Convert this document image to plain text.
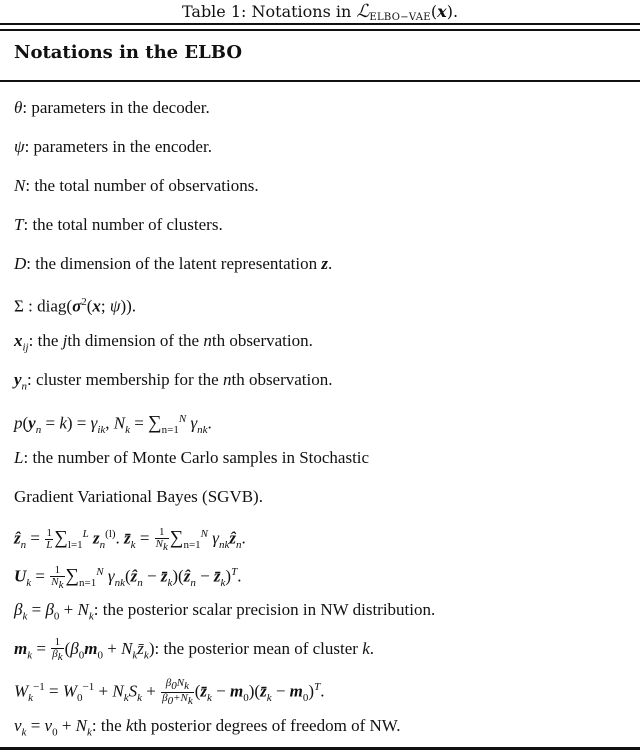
Table 1: Notations in ℒ$_{ELBO-VAE}$(x).
Notations in the ELBO
θ: parameters in the decoder.
ψ: parameters in the encoder.
N: the total number of observations.
T: the total number of clusters.
D: the dimension of the latent representation z.
Σ : $diag(\sigma^2(x$; ψ)).
$x_{ij}$: the jth dimension of the nth observation.
$y_n$: cluster membership for the nth observation.
$p(y_n = k) = \gamma_{ik}$, $N_k = \sum_{n=1}^N$ $\gamma_{nk}$.
L: the number of Monte Carlo samples in Stochastic
Gradient Variational Bayes (SGVB).
ẑ$_n$ = $\frac{1}{L} \sum_{l=1}^L$ $z_n^{(l)}$. $z̄_k = \frac{1}{N_k} \sum_{n=1}^N$ $\gamma_{nk}ẑ_n$.
$U_k = \frac{1}{N_k} \sum_{n=1}^N$ $\gamma_{nk}(ẑ_n$ − $z̄_k)(ẑ_n$ − $z̄_k)^T$.
$\beta_k = \beta_0 + N_k$: the posterior scalar precision in NW distribution.
$m_k = \frac{1}{\beta_k} (\beta_0m_0$ + $N_kz̄_k$): the posterior mean of cluster k.
$W_k^{-1} = W_0^{-1} + N_kS_k + \frac{\beta_0N_k}{\beta_0+N_k}$ ($z̄_k$ − $m_0)(z̄_k - m_0)^T$.
$\nu_k = \nu_0 + N_k$: the kth posterior degrees of freedom of NW.
